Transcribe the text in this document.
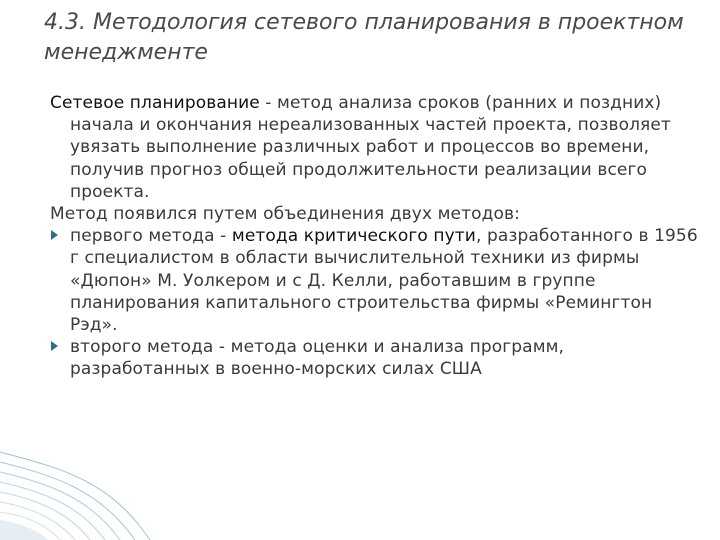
4.3. Методология сетевого планирования в проектном менеджменте

Сетевое планирование - метод анализа сроков (ранних и поздних) начала и окончания нереализованных частей проекта, позволяет увязать выполнение различных работ и процессов во времени, получив прогноз общей продолжительности реализации всего проекта.

Метод появился путем объединения двух методов:

первого метода - метода критического пути, разработанного в 1956 г специалистом в области вычислительной техники из фирмы «Дюпон» М. Уолкером и с Д. Келли, работавшим в группе планирования капитального строительства фирмы «Ремингтон Рэд».
второго метода - метода оценки и анализа программ, разработанных в военно-морских силах США
